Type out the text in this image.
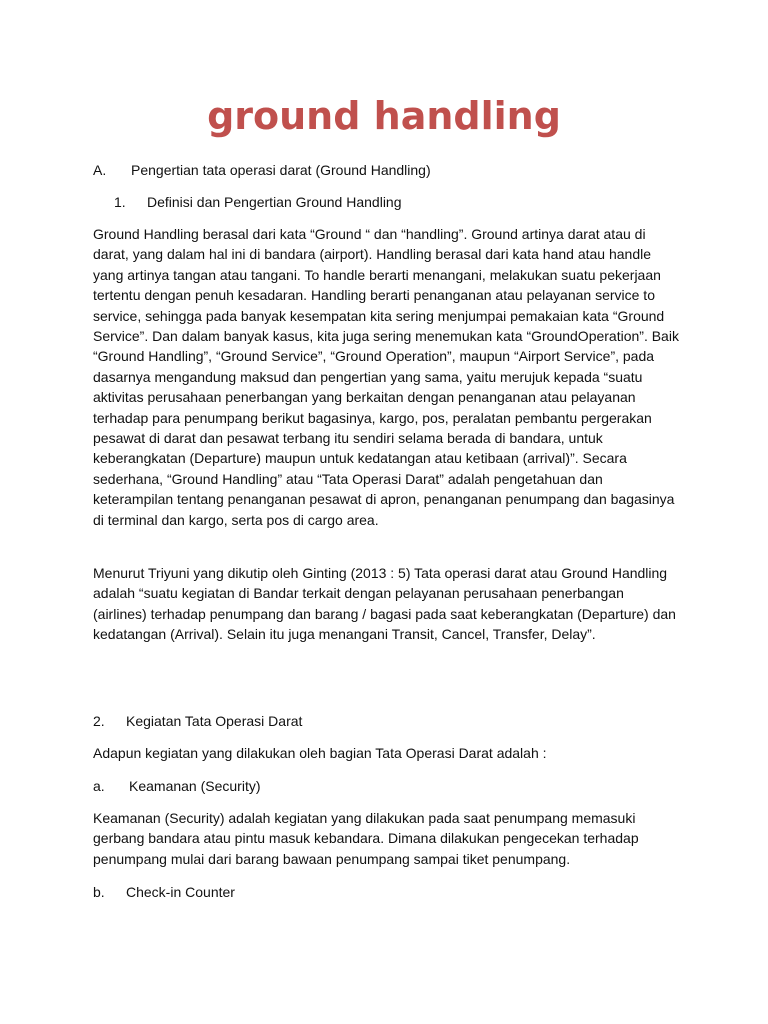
ground handling
A. Pengertian tata operasi darat (Ground Handling)
1. Definisi dan Pengertian Ground Handling

Ground Handling berasal dari kata “Ground “ dan “handling”. Ground artinya darat atau di darat, yang dalam hal ini di bandara (airport). Handling berasal dari kata hand atau handle yang artinya tangan atau tangani. To handle berarti menangani, melakukan suatu pekerjaan tertentu dengan penuh kesadaran. Handling berarti penanganan atau pelayanan service to service, sehingga pada banyak kesempatan kita sering menjumpai pemakaian kata “Ground Service”. Dan dalam banyak kasus, kita juga sering menemukan kata “GroundOperation”. Baik “Ground Handling”, “Ground Service”, “Ground Operation”, maupun “Airport Service”, pada dasarnya mengandung maksud dan pengertian yang sama, yaitu merujuk kepada “suatu aktivitas perusahaan penerbangan yang berkaitan dengan penanganan atau pelayanan terhadap para penumpang berikut bagasinya, kargo, pos, peralatan pembantu pergerakan pesawat di darat dan pesawat terbang itu sendiri selama berada di bandara, untuk keberangkatan (Departure) maupun untuk kedatangan atau ketibaan (arrival)”. Secara sederhana, “Ground Handling” atau “Tata Operasi Darat” adalah pengetahuan dan keterampilan tentang penanganan pesawat di apron, penanganan penumpang dan bagasinya di terminal dan kargo, serta pos di cargo area.

Menurut Triyuni yang dikutip oleh Ginting (2013 : 5) Tata operasi darat atau Ground Handling adalah “suatu kegiatan di Bandar terkait dengan pelayanan perusahaan penerbangan (airlines) terhadap penumpang dan barang / bagasi pada saat keberangkatan (Departure) dan kedatangan (Arrival). Selain itu juga menangani Transit, Cancel, Transfer, Delay”.

2. Kegiatan Tata Operasi Darat

Adapun kegiatan yang dilakukan oleh bagian Tata Operasi Darat adalah :

a. Keamanan (Security)

Keamanan (Security) adalah kegiatan yang dilakukan pada saat penumpang memasuki gerbang bandara atau pintu masuk kebandara. Dimana dilakukan pengecekan terhadap penumpang mulai dari barang bawaan penumpang sampai tiket penumpang.

b. Check-in Counter
